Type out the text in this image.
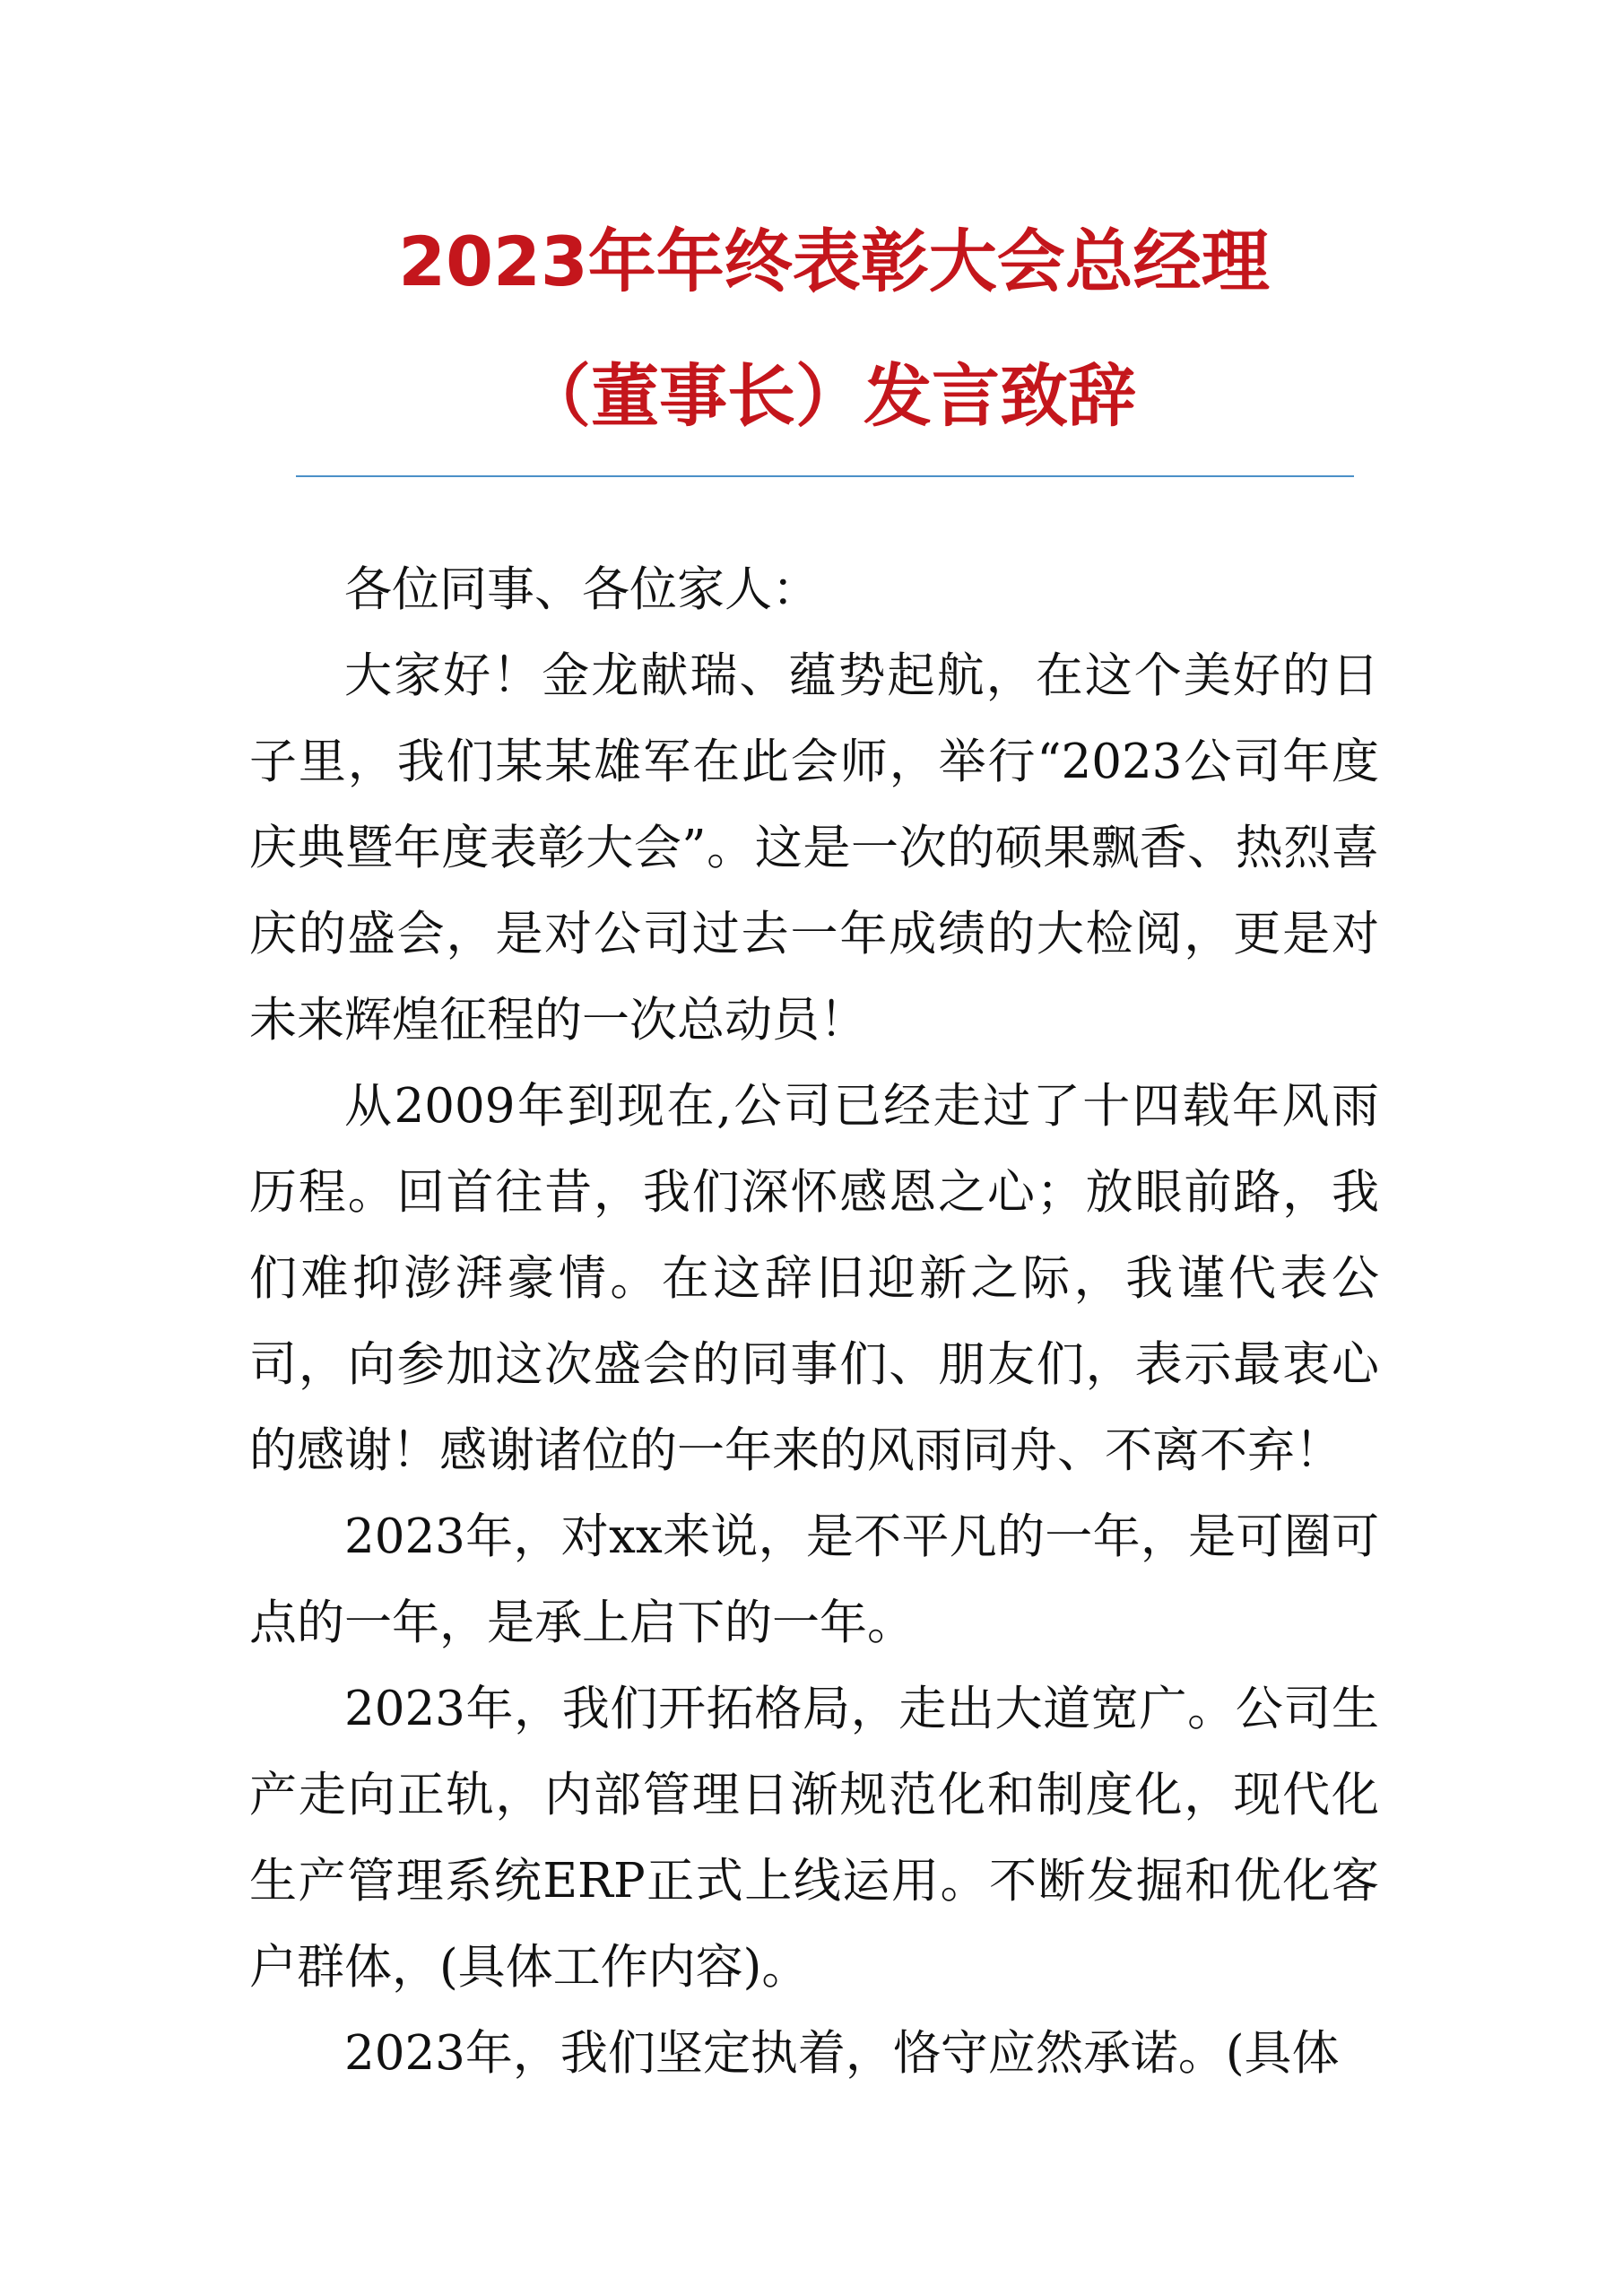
2023年年终表彰大会总经理
（董事长）发言致辞

各位同事、各位家人：

大家好！金龙献瑞、蕴势起航，在这个美好的日子里，我们某某雄军在此会师，举行“2023公司年度庆典暨年度表彰大会”。这是一次的硕果飘香、热烈喜庆的盛会，是对公司过去一年成绩的大检阅，更是对未来辉煌征程的一次总动员！

从2009年到现在,公司已经走过了十四载年风雨历程。回首往昔，我们深怀感恩之心；放眼前路，我们难抑澎湃豪情。在这辞旧迎新之际，我谨代表公司，向参加这次盛会的同事们、朋友们，表示最衷心的感谢！感谢诸位的一年来的风雨同舟、不离不弃！

2023年，对xx来说，是不平凡的一年，是可圈可点的一年，是承上启下的一年。

2023年，我们开拓格局，走出大道宽广。公司生产走向正轨，内部管理日渐规范化和制度化，现代化生产管理系统ERP正式上线运用。不断发掘和优化客户群体，(具体工作内容)。

2023年，我们坚定执着，恪守应然承诺。(具体
